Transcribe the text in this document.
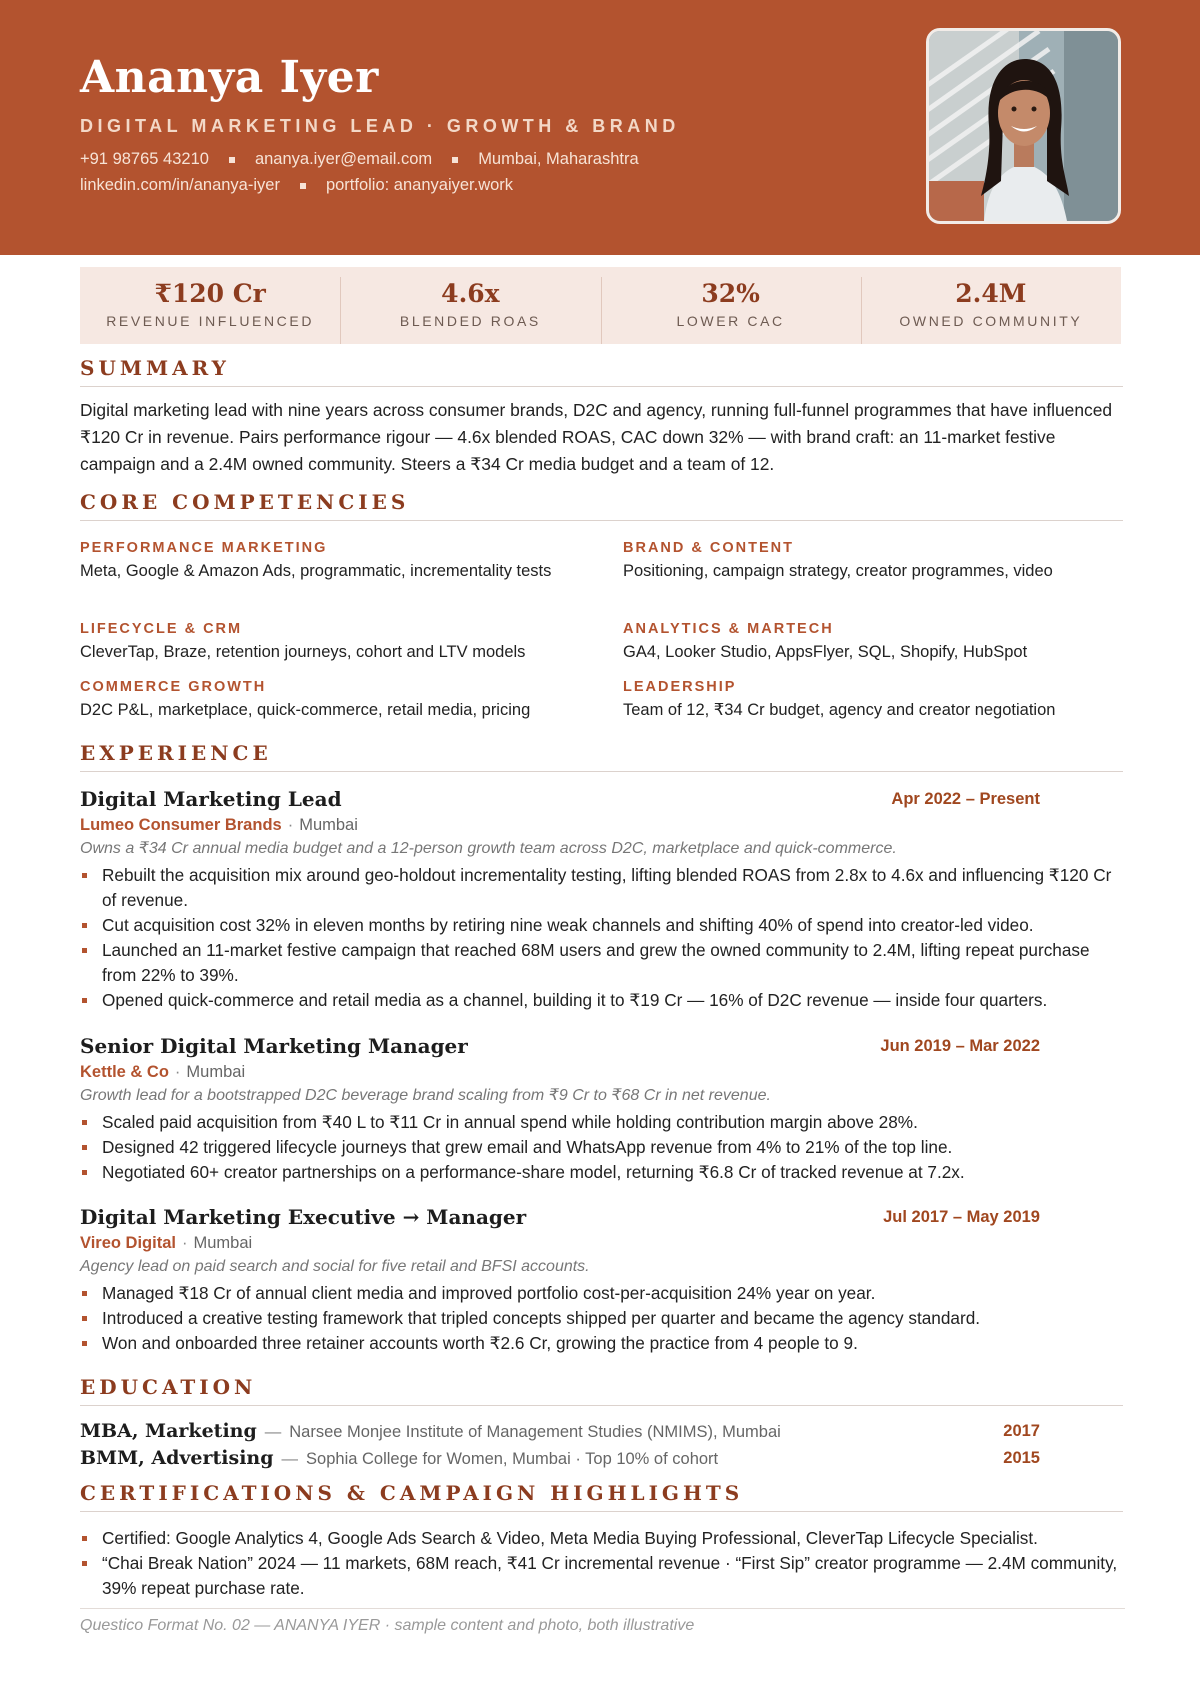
Ananya Iyer
DIGITAL MARKETING LEAD · GROWTH & BRAND
+91 98765 43210	ananya.iyer@email.com	Mumbai, Maharashtra
linkedin.com/in/ananya-iyer	portfolio: ananyaiyer.work
₹120 Cr
REVENUE INFLUENCED
4.6x
BLENDED ROAS
32%
LOWER CAC
2.4M
OWNED COMMUNITY
SUMMARY

Digital marketing lead with nine years across consumer brands, D2C and agency, running full-funnel programmes that have influenced ₹120 Cr in revenue. Pairs performance rigour — 4.6x blended ROAS, CAC down 32% — with brand craft: an 11-market festive campaign and a 2.4M owned community. Steers a ₹34 Cr media budget and a team of 12.

CORE COMPETENCIES
PERFORMANCE MARKETING
Meta, Google & Amazon Ads, programmatic, incrementality tests
BRAND & CONTENT
Positioning, campaign strategy, creator programmes, video
LIFECYCLE & CRM
CleverTap, Braze, retention journeys, cohort and LTV models
ANALYTICS & MARTECH
GA4, Looker Studio, AppsFlyer, SQL, Shopify, HubSpot
COMMERCE GROWTH
D2C P&L, marketplace, quick-commerce, retail media, pricing
LEADERSHIP
Team of 12, ₹34 Cr budget, agency and creator negotiation
EXPERIENCE
Digital Marketing Lead	Apr 2022 – Present
Lumeo Consumer Brands · Mumbai
Owns a ₹34 Cr annual media budget and a 12-person growth team across D2C, marketplace and quick-commerce.
Rebuilt the acquisition mix around geo-holdout incrementality testing, lifting blended ROAS from 2.8x to 4.6x and influencing ₹120 Cr of revenue.
Cut acquisition cost 32% in eleven months by retiring nine weak channels and shifting 40% of spend into creator-led video.
Launched an 11-market festive campaign that reached 68M users and grew the owned community to 2.4M, lifting repeat purchase from 22% to 39%.
Opened quick-commerce and retail media as a channel, building it to ₹19 Cr — 16% of D2C revenue — inside four quarters.
Senior Digital Marketing Manager	Jun 2019 – Mar 2022
Kettle & Co · Mumbai
Growth lead for a bootstrapped D2C beverage brand scaling from ₹9 Cr to ₹68 Cr in net revenue.
Scaled paid acquisition from ₹40 L to ₹11 Cr in annual spend while holding contribution margin above 28%.
Designed 42 triggered lifecycle journeys that grew email and WhatsApp revenue from 4% to 21% of the top line.
Negotiated 60+ creator partnerships on a performance-share model, returning ₹6.8 Cr of tracked revenue at 7.2x.
Digital Marketing Executive → Manager	Jul 2017 – May 2019
Vireo Digital · Mumbai
Agency lead on paid search and social for five retail and BFSI accounts.
Managed ₹18 Cr of annual client media and improved portfolio cost-per-acquisition 24% year on year.
Introduced a creative testing framework that tripled concepts shipped per quarter and became the agency standard.
Won and onboarded three retainer accounts worth ₹2.6 Cr, growing the practice from 4 people to 9.
EDUCATION
MBA, Marketing — Narsee Monjee Institute of Management Studies (NMIMS), Mumbai	2017
BMM, Advertising — Sophia College for Women, Mumbai · Top 10% of cohort	2015
CERTIFICATIONS & CAMPAIGN HIGHLIGHTS
Certified: Google Analytics 4, Google Ads Search & Video, Meta Media Buying Professional, CleverTap Lifecycle Specialist.
“Chai Break Nation” 2024 — 11 markets, 68M reach, ₹41 Cr incremental revenue · “First Sip” creator programme — 2.4M community, 39% repeat purchase rate.
Questico Format No. 02 — ANANYA IYER · sample content and photo, both illustrative
